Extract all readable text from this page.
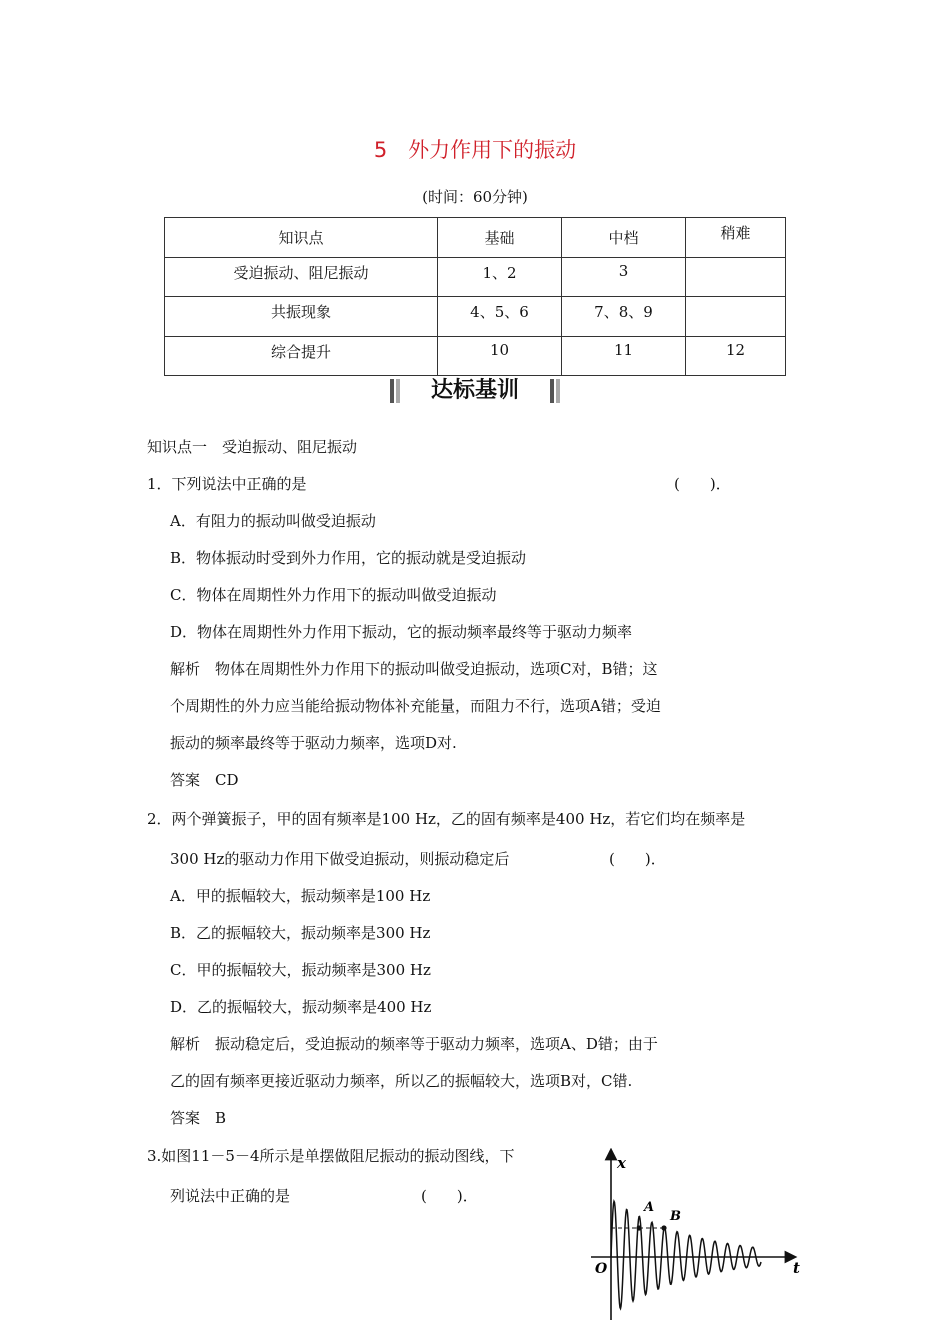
5　外力作用下的振动
(时间：60分钟)
知识点	基础	中档	稍难
受迫振动、阻尼振动	1、2	3	
共振现象	4、5、6	7、8、9	
综合提升	10	11	12
达标基训
知识点一　受迫振动、阻尼振动
1．下列说法中正确的是	(　　)．
A．有阻力的振动叫做受迫振动
B．物体振动时受到外力作用，它的振动就是受迫振动
C．物体在周期性外力作用下的振动叫做受迫振动
D．物体在周期性外力作用下振动，它的振动频率最终等于驱动力频率
解析　物体在周期性外力作用下的振动叫做受迫振动，选项C对，B错；这
个周期性的外力应当能给振动物体补充能量，而阻力不行，选项A错；受迫
振动的频率最终等于驱动力频率，选项D对.
答案　CD
2．两个弹簧振子，甲的固有频率是100 Hz，乙的固有频率是400 Hz，若它们均在频率是
300 Hz的驱动力作用下做受迫振动，则振动稳定后	(　　)．
A．甲的振幅较大，振动频率是100 Hz
B．乙的振幅较大，振动频率是300 Hz
C．甲的振幅较大，振动频率是300 Hz
D．乙的振幅较大，振动频率是400 Hz
解析　振动稳定后，受迫振动的频率等于驱动力频率，选项A、D错；由于
乙的固有频率更接近驱动力频率，所以乙的振幅较大，选项B对，C错.
答案　B
3.如图11－5－4所示是单摆做阻尼振动的振动图线，下
列说法中正确的是	(　　)．
x
t
O
A
B
